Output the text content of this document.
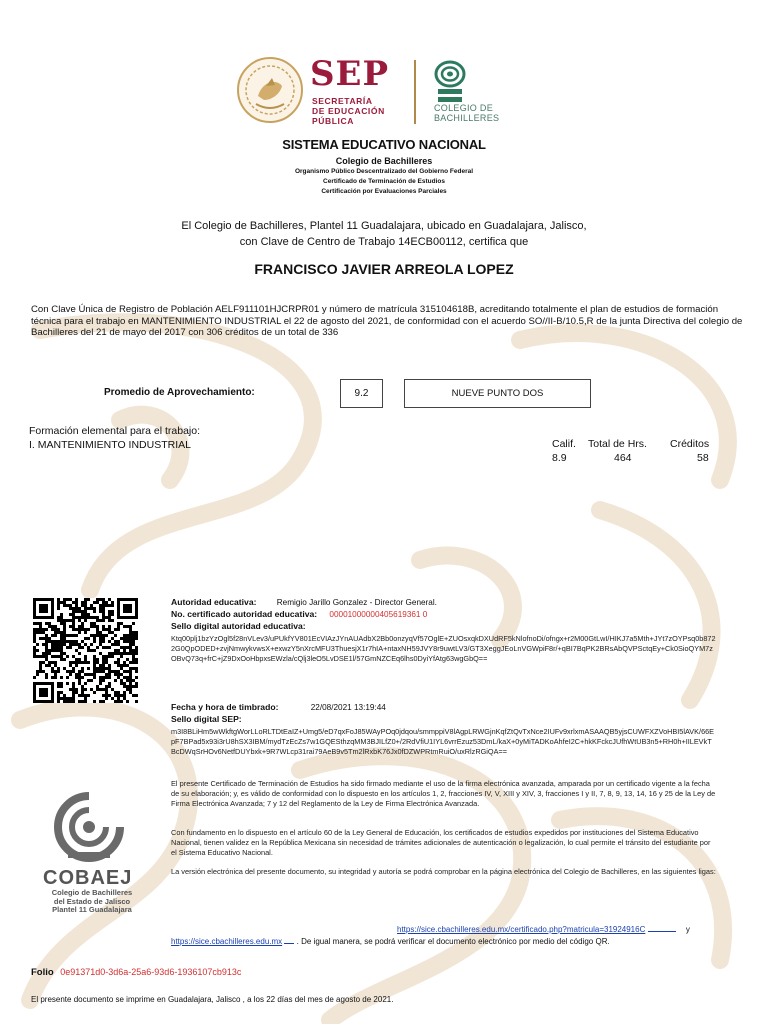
SEP
SECRETARÍA
DE EDUCACIÓN
PÚBLICA
COLEGIO DE
BACHILLERES
SISTEMA EDUCATIVO NACIONAL
Colegio de Bachilleres
Organismo Público Descentralizado del Gobierno Federal
Certificado de Terminación de Estudios
Certificación por Evaluaciones Parciales
El Colegio de Bachilleres, Plantel 11 Guadalajara, ubicado en Guadalajara, Jalisco,
con Clave de Centro de Trabajo 14ECB00112, certifica que
FRANCISCO JAVIER ARREOLA LOPEZ
Con Clave Única de Registro de Población AELF911101HJCRPR01 y número de matrícula 315104618B, acreditando totalmente el plan de estudios de formación técnica para el trabajo en MANTENIMIENTO INDUSTRIAL el 22 de agosto del 2021, de conformidad con el acuerdo SO//II-B/10.5,R de la junta Directiva del colegio de Bachilleres del 21 de mayo del 2017 con 306 créditos de un total de 336
Promedio de Aprovechamiento:	9.2	NUEVE PUNTO DOS
Formación elemental para el trabajo:
I. MANTENIMIENTO INDUSTRIAL	Calif. Total de Hrs. Créditos
8.9	464	58
Autoridad educativa: Remigio Jarillo Gonzalez - Director General.
No. certificado autoridad educativa: 00001000000405619361 0
Sello digital autoridad educativa:
Ktq00plj1bzYzOgl5f28nVLev3/uPUkfYV801EcVIAzJYnAUAdbX2Bb0onzyqVf57OglE+ZUOsxqkDXUdRF5kNlofnoDi/ofngx+r2M00GtLwI/HIKJ7a5Mth+JYt7zOYPsq0b8722G0QpODED+zvjNmwykvwsX+exwzY5nXrcMFU3ThuesjX1r7hIA+ntaxNH59JVY8r9uwtLV3/GT3XeggJEoLnVGWpiF8r/+qBI7BqPK2BRsAbQVPSctqEy+Ck0SioQYM7zOBvQ73q+frC+jZ9DxOoHbpxsEWzla/cQlj3leO5LvDSE1l/57GmNZCEq6lhs0DyiYfAtg63wgGbQ==
Fecha y hora de timbrado:	22/08/2021 13:19:44
Sello digital SEP:
m3I8BLiHm5wWkftgWorLLoRLTDtEaIZ+Umg5/eD7qxFoJ85WAyPOq0jdqou/smmppiV8lAgpLRWGjnKqfZtQvTxNce2IUFv9xrlxmASAAQB5yjsCUWFXZVoHBI5lAVK/66EpF7BPad5x93i3rU8hSX3IBM/mydTzEcZs7w1GQESthzqMM3BJILfZ0+/2RdVfiU1IYL6vrrEzuz53DmL/kaX+0yMiTADKoAhfeI2C+hkKFckcJUfhWtUB3n5+RH0h+IILEVkTBcDWqSrHOv6NetfDUYbxk+9R7WLcp31rai79AeB9v5Tm2lRxbK76Jx0fDZWPRtmRuiO/uxRlzRGiQA==
El presente Certificado de Terminación de Estudios ha sido firmado mediante el uso de la firma electrónica avanzada, amparada por un certificado vigente a la fecha de su elaboración; y, es válido de conformidad con lo dispuesto en los artículos 1, 2, fracciones IV, V, XIII y XIV, 3, fracciones I y II, 7, 8, 9, 13, 14, 16 y 25 de la Ley de Firma Electrónica Avanzada; 7 y 12 del Reglamento de la Ley de Firma Electrónica Avanzada.
Con fundamento en lo dispuesto en el artículo 60 de la Ley General de Educación, los certificados de estudios expedidos por instituciones del Sistema Educativo Nacional, tienen validez en la República Mexicana sin necesidad de trámites adicionales de autenticación o legalización, lo cual permite el tránsito del estudiante por el Sistema Educativo Nacional.
La versión electrónica del presente documento, su integridad y autoría se podrá comprobar en la página electrónica del Colegio de Bachilleres, en las siguientes ligas:
https://sice.cbachilleres.edu.mx/certificado.php?matricula=31924916C	y
https://sice.cbachilleres.edu.mx . De igual manera, se podrá verificar el documento electrónico por medio del código QR.
COBAEJ
Colegio de Bachilleres
del Estado de Jalisco
Plantel 11 Guadalajara
Folio 0e91371d0-3d6a-25a6-93d6-1936107cb913c
El presente documento se imprime en Guadalajara, Jalisco , a los 22 días del mes de agosto de 2021.
